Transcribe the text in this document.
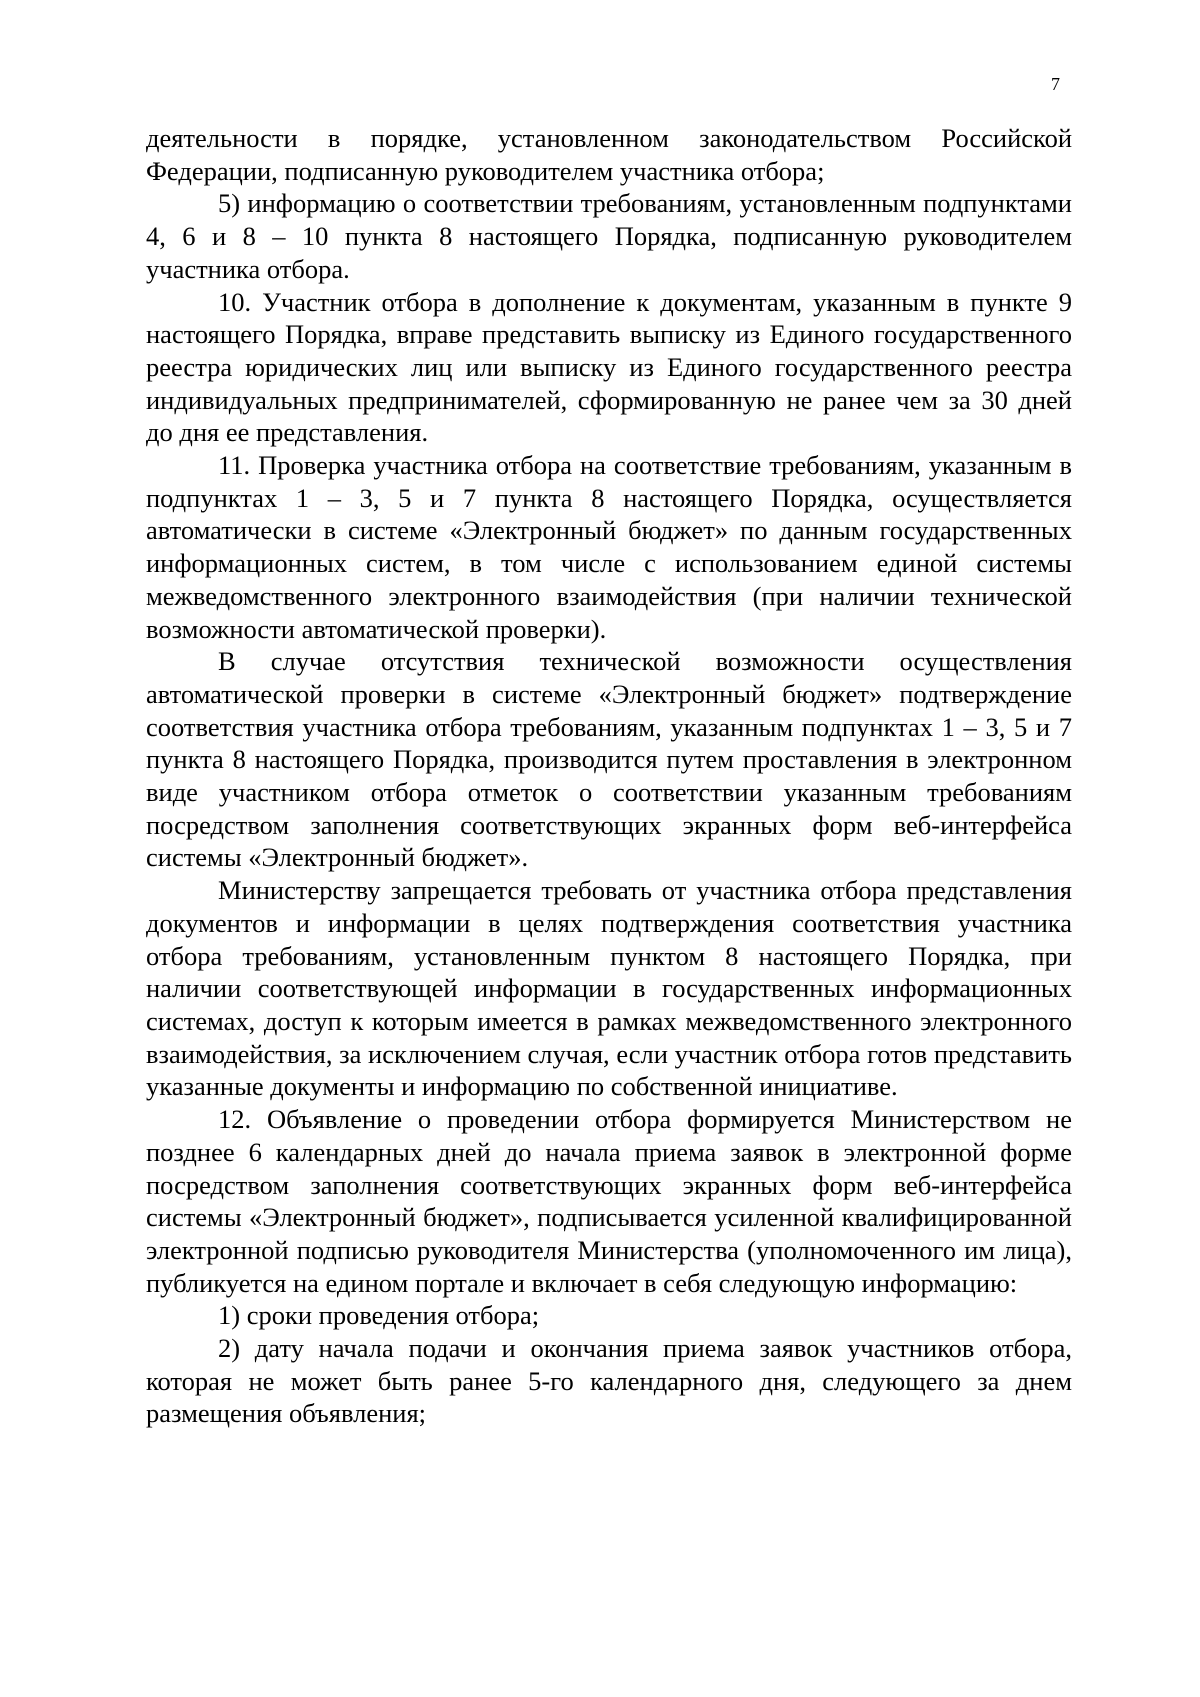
7

деятельности в порядке, установленном законодательством Российской Федерации, подписанную руководителем участника отбора;

5) информацию о соответствии требованиям, установленным подпунктами 4, 6 и 8 – 10 пункта 8 настоящего Порядка, подписанную руководителем участника отбора.

10. Участник отбора в дополнение к документам, указанным в пункте 9 настоящего Порядка, вправе представить выписку из Единого государственного реестра юридических лиц или выписку из Единого государственного реестра индивидуальных предпринимателей, сформированную не ранее чем за 30 дней до дня ее представления.

11. Проверка участника отбора на соответствие требованиям, указанным в подпунктах 1 – 3, 5 и 7 пункта 8 настоящего Порядка, осуществляется автоматически в системе «Электронный бюджет» по данным государственных информационных систем, в том числе с использованием единой системы межведомственного электронного взаимодействия (при наличии технической возможности автоматической проверки).

В случае отсутствия технической возможности осуществления автоматической проверки в системе «Электронный бюджет» подтверждение соответствия участника отбора требованиям, указанным подпунктах 1 – 3, 5 и 7 пункта 8 настоящего Порядка, производится путем проставления в электронном виде участником отбора отметок о соответствии указанным требованиям посредством заполнения соответствующих экранных форм веб-интерфейса системы «Электронный бюджет».

Министерству запрещается требовать от участника отбора представления документов и информации в целях подтверждения соответствия участника отбора требованиям, установленным пунктом 8 настоящего Порядка, при наличии соответствующей информации в государственных информационных системах, доступ к которым имеется в рамках межведомственного электронного взаимодействия, за исключением случая, если участник отбора готов представить указанные документы и информацию по собственной инициативе.

12. Объявление о проведении отбора формируется Министерством не позднее 6 календарных дней до начала приема заявок в электронной форме посредством заполнения соответствующих экранных форм веб-интерфейса системы «Электронный бюджет», подписывается усиленной квалифицированной электронной подписью руководителя Министерства (уполномоченного им лица), публикуется на едином портале и включает в себя следующую информацию:

1) сроки проведения отбора;

2) дату начала подачи и окончания приема заявок участников отбора, которая не может быть ранее 5-го календарного дня, следующего за днем размещения объявления;
